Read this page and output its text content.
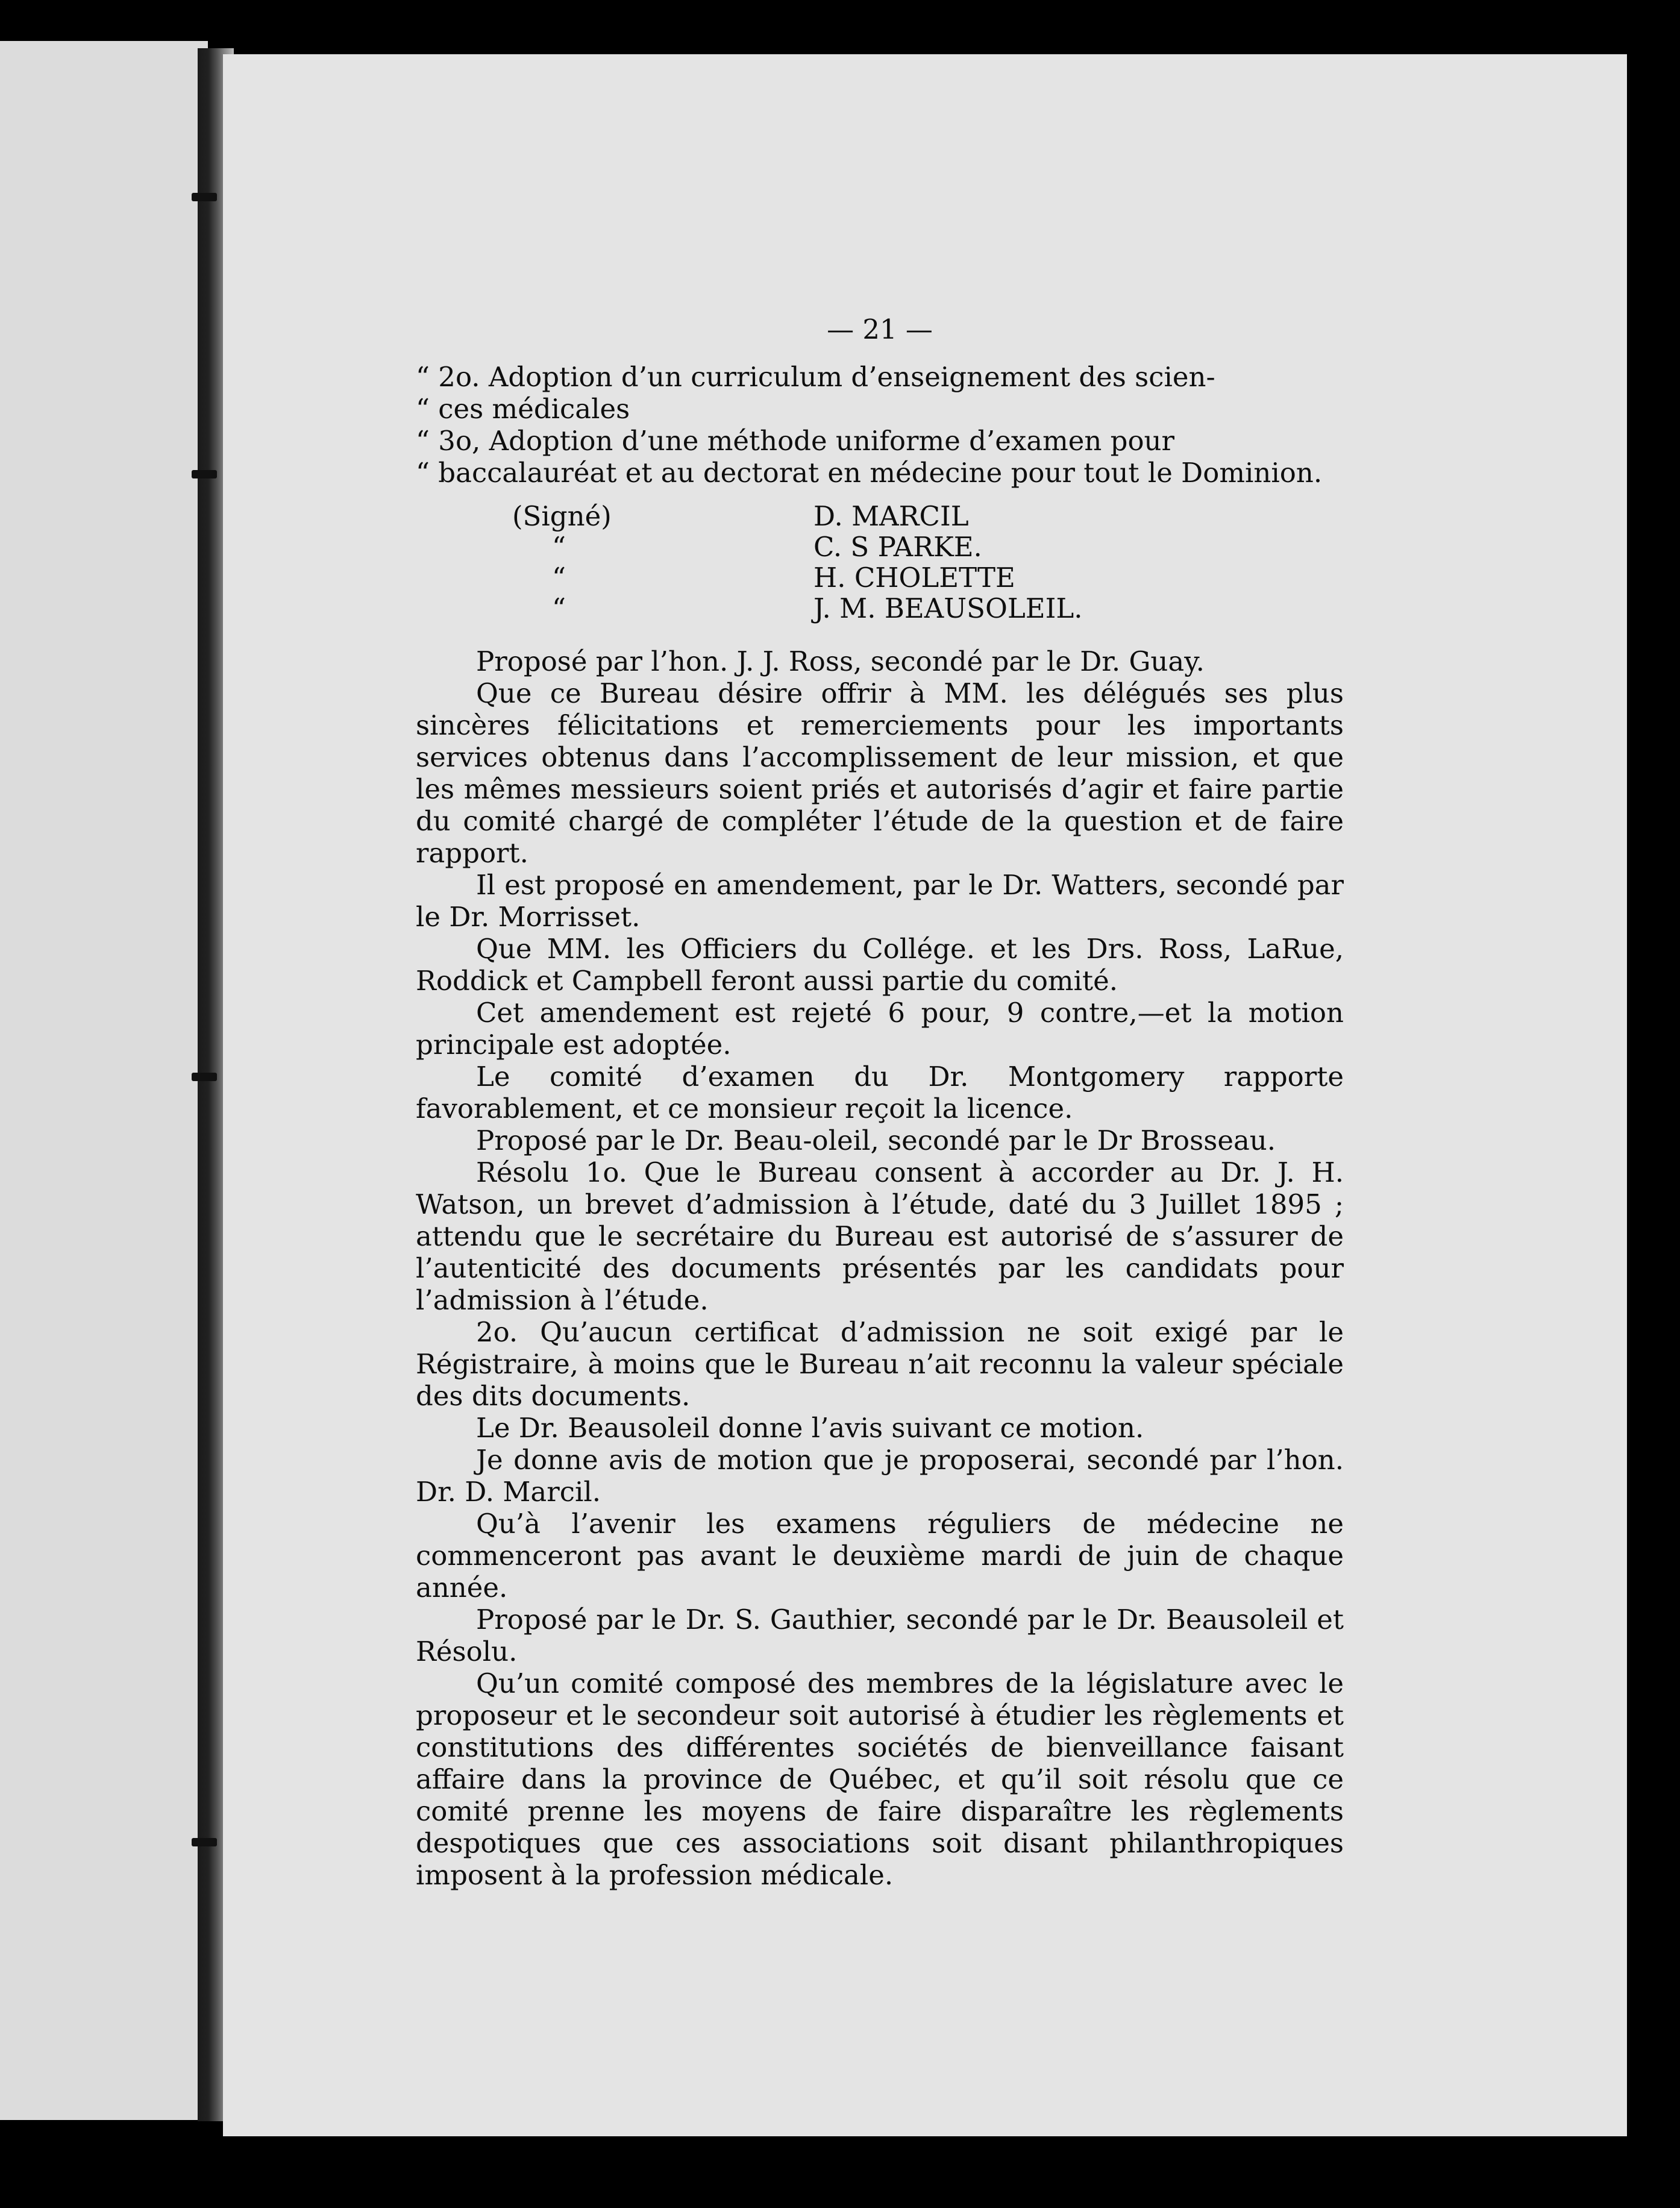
— 21 —

“ 2o. Adoption d’un curriculum d’enseignement des scien-

“ ces médicales

“ 3o, Adoption d’une méthode uniforme d’examen pour

“ baccalauréat et au dectorat en médecine pour tout le Dominion.

(Signé)	D. MARCIL
“	C. S PARKE.
“	H. CHOLETTE
“	J. M. BEAUSOLEIL.

Proposé par l’hon. J. J. Ross, secondé par le Dr. Guay.

Que ce Bureau désire offrir à MM. les délégués ses plus sincères félicitations et remerciements pour les importants services obtenus dans l’accomplissement de leur mission, et que les mêmes messieurs soient priés et autorisés d’agir et faire partie du comité chargé de compléter l’étude de la question et de faire rapport.

Il est proposé en amendement, par le Dr. Watters, secondé par le Dr. Morrisset.

Que MM. les Officiers du Collége. et les Drs. Ross, LaRue, Roddick et Campbell feront aussi partie du comité.

Cet amendement est rejeté 6 pour, 9 contre,—et la motion principale est adoptée.

Le comité d’examen du Dr. Montgomery rapporte favorablement, et ce monsieur reçoit la licence.

Proposé par le Dr. Beau-oleil, secondé par le Dr Brosseau.

Résolu 1o. Que le Bureau consent à accorder au Dr. J. H. Watson, un brevet d’admission à l’étude, daté du 3 Juillet 1895 ; attendu que le secrétaire du Bureau est autorisé de s’assurer de l’autenticité des documents présentés par les candidats pour l’admission à l’étude.

2o. Qu’aucun certificat d’admission ne soit exigé par le Régistraire, à moins que le Bureau n’ait reconnu la valeur spéciale des dits documents.

Le Dr. Beausoleil donne l’avis suivant ce motion.

Je donne avis de motion que je proposerai, secondé par l’hon. Dr. D. Marcil.

Qu’à l’avenir les examens réguliers de médecine ne commenceront pas avant le deuxième mardi de juin de chaque année.

Proposé par le Dr. S. Gauthier, secondé par le Dr. Beausoleil et Résolu.

Qu’un comité composé des membres de la législature avec le proposeur et le secondeur soit autorisé à étudier les règlements et constitutions des différentes sociétés de bienveillance faisant affaire dans la province de Québec, et qu’il soit résolu que ce comité prenne les moyens de faire disparaître les règlements despotiques que ces associations soit disant philanthropiques imposent à la profession médicale.
